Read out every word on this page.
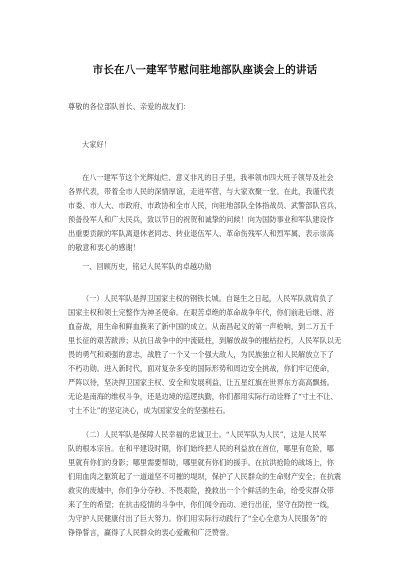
市长在八一建军节慰问驻地部队座谈会上的讲话
尊敬的各位部队首长、亲爱的战友们：
大家好！
在八一建军节这个光辉灿烂、意义非凡的日子里，我率领市四大班子领导及社会
各界代表，带着全市人民的深情厚谊，走进军营，与大家欢聚一堂。在此，我谨代表
市委、市人大、市政府、市政协和全市人民，向驻地部队全体指战员、武警部队官兵、
预备役军人和广大民兵，致以节日的祝贺和诚挚的问候！向为国防事业和军队建设作
出重要贡献的军队离退休老同志、转业退伍军人、革命伤残军人和烈军属，表示崇高
的敬意和衷心的感谢！
一、回顾历史，铭记人民军队的卓越功勋
（一）人民军队是捍卫国家主权的钢铁长城。自诞生之日起，人民军队就肩负了
国家主权和领土完整作为神圣使命。在艰苦卓绝的革命战争年代，你们前赴后继、浴
血奋战，用生命和鲜血换来了新中国的成立。从南昌起义的第一声枪响，到二万五千
里长征的艰苦跋涉；从抗日战争中的中流砥柱，到解放战争的摧枯拉朽，人民军队以无
畏的勇气和顽强的意志，战胜了一个又一个强大敌人，为民族独立和人民解放立下了
不朽功勋。进入新时代，面对复杂多变的国际形势和周边安全挑战，你们牢记使命，
严阵以待，坚决捍卫国家主权、安全和发展利益，让五星红旗在世界东方高高飘扬。
无论是南海的维权斗争，还是边境的巡逻执勤，你们都用实际行动诠释了“寸土不让、
寸土不让”的坚定决心，成为国家安全的坚强柱石。
（二）人民军队是保障人民幸福的忠诚卫士。“人民军队为人民”，这是人民军
队的根本宗旨。在和平建设时期，你们始终把人民的利益放在首位，哪里有危险，哪
里就有你们的身影；哪里需要帮助，哪里就有你们的援手。在抗洪抢险的战场上，你
们用血肉之躯筑起了一道道坚不可摧的堤坝，保护了人民群众的生命财产安全；在抗震
救灾的废墟中，你们争分夺秒、不畏艰险，挽救出一个个鲜活的生命，给受灾群众带
来了生的希望；在抗击疫情的斗争中，你们闻令而动、逆行出征，坚守在防控一线，
为守护人民健康付出了巨大努力。你们用实际行动践行了“全心全意为人民服务”的
铮铮誓言，赢得了人民群众的衷心爱戴和广泛赞誉。
